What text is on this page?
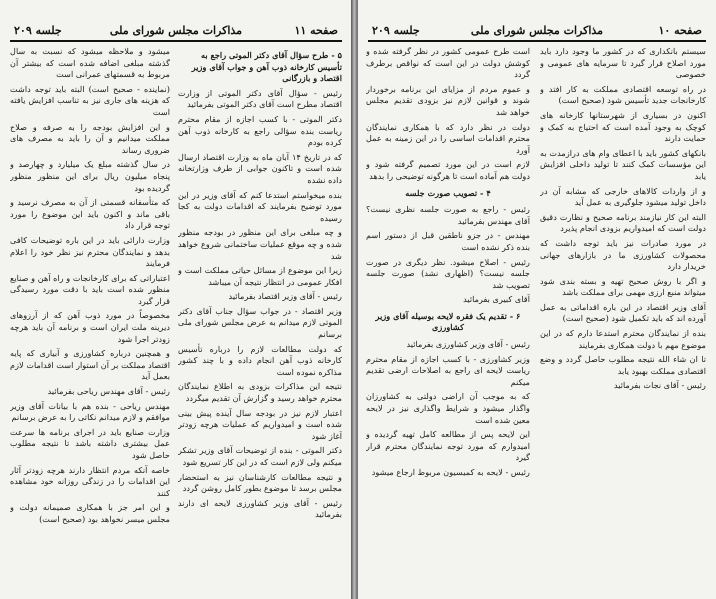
صفحه ۱۱
مذاکرات مجلس شورای ملی
جلسه ۲۰۹

میشود و ملاحظه میشود که نسبت به سال گذشته مبلغی اضافه شده است که بیشتر آن مربوط به قسمتهای عمرانی است

(نماینده - صحیح است) البته باید توجه داشت که هزینه های جاری نیز به تناسب افزایش یافته است

و این افزایش بودجه را به صرفه و صلاح مملکت میدانیم و آن را باید به مصرف های ضروری رساند

در سال گذشته مبلغ یک میلیارد و چهارصد و پنجاه میلیون ریال برای این منظور منظور گردیده بود

که متأسفانه قسمتی از آن به مصرف نرسید و باقی ماند و اکنون باید این موضوع را مورد توجه قرار داد

وزارت دارائی باید در این باره توضیحات کافی بدهد و نمایندگان محترم نیز نظر خود را اعلام فرمایند

اعتباراتی که برای کارخانجات و راه آهن و صنایع منظور شده است باید با دقت مورد رسیدگی قرار گیرد

مخصوصاً در مورد ذوب آهن که از آرزوهای دیرینه ملت ایران است و برنامه آن باید هرچه زودتر اجرا شود

و همچنین درباره کشاورزی و آبیاری که پایه اقتصاد مملکت بر آن استوار است اقدامات لازم بعمل آید

رئیس - آقای مهندس ریاحی بفرمائید

مهندس ریاحی - بنده هم با بیانات آقای وزیر موافقم و لازم میدانم نکاتی را به عرض برسانم

وزارت صنایع باید در اجرای برنامه ها سرعت عمل بیشتری داشته باشد تا نتیجه مطلوب حاصل شود

خاصه آنکه مردم انتظار دارند هرچه زودتر آثار این اقدامات را در زندگی روزانه خود مشاهده کنند

و این امر جز با همکاری صمیمانه دولت و مجلس میسر نخواهد بود (صحیح است)

۵ - طرح سؤال آقای دکتر الموتی راجع به تأسیس کارخانه ذوب آهن و جواب آقای وزیر اقتصاد و بازرگانی

رئیس - سؤال آقای دکتر الموتی از وزارت اقتصاد مطرح است آقای دکتر الموتی بفرمائید

دکتر الموتی - با کسب اجازه از مقام محترم ریاست بنده سؤالی راجع به کارخانه ذوب آهن کرده بودم

که در تاریخ ۱۴ آبان ماه به وزارت اقتصاد ارسال شده است و تاکنون جوابی از طرف وزارتخانه داده نشده

بنده میخواستم استدعا کنم که آقای وزیر در این مورد توضیح بفرمایند که اقدامات دولت به کجا رسیده

و چه مبلغی برای این منظور در بودجه منظور شده و چه موقع عملیات ساختمانی شروع خواهد شد

زیرا این موضوع از مسائل حیاتی مملکت است و افکار عمومی در انتظار نتیجه آن میباشد

رئیس - آقای وزیر اقتصاد بفرمائید

وزیر اقتصاد - در جواب سؤال جناب آقای دکتر الموتی لازم میدانم به عرض مجلس شورای ملی برسانم

که دولت مطالعات لازم را درباره تأسیس کارخانه ذوب آهن انجام داده و با چند کشور مذاکره نموده است

نتیجه این مذاکرات بزودی به اطلاع نمایندگان محترم خواهد رسید و گزارش آن تقدیم میگردد

اعتبار لازم نیز در بودجه سال آینده پیش بینی شده است و امیدواریم که عملیات هرچه زودتر آغاز شود

دکتر الموتی - بنده از توضیحات آقای وزیر تشکر میکنم ولی لازم است که در این کار تسریع شود

و نتیجه مطالعات کارشناسان نیز به استحضار مجلس برسد تا موضوع بطور کامل روشن گردد

رئیس - آقای وزیر کشاورزی لایحه ای دارند بفرمائید

صفحه ۱۰
مذاکرات مجلس شورای ملی
جلسه ۲۰۹

است طرح عمومی کشور در نظر گرفته شده و کوشش دولت در این است که نواقص برطرف گردد

و عموم مردم از مزایای این برنامه برخوردار شوند و قوانین لازم نیز بزودی تقدیم مجلس خواهد شد

دولت در نظر دارد که با همکاری نمایندگان محترم اقدامات اساسی را در این زمینه به عمل آورد

لازم است در این مورد تصمیم گرفته شود و دولت هم آماده است تا هرگونه توضیحی را بدهد

۴ - تصویب صورت جلسه

رئیس - راجع به صورت جلسه نظری نیست؟ آقای مهندس بفرمائید

مهندس - در جزو ناطقین قبل از دستور اسم بنده ذکر نشده است

رئیس - اصلاح میشود. نظر دیگری در صورت جلسه نیست؟ (اظهاری نشد) صورت جلسه تصویب شد

آقای کبیری بفرمائید

۶ - تقدیم یک فقره لایحه بوسیله آقای وزیر کشاورزی

رئیس - آقای وزیر کشاورزی بفرمائید

وزیر کشاورزی - با کسب اجازه از مقام محترم ریاست لایحه ای راجع به اصلاحات ارضی تقدیم میکنم

که به موجب آن اراضی دولتی به کشاورزان واگذار میشود و شرایط واگذاری نیز در لایحه معین شده است

این لایحه پس از مطالعه کامل تهیه گردیده و امیدوارم که مورد توجه نمایندگان محترم قرار گیرد

رئیس - لایحه به کمیسیون مربوط ارجاع میشود

سیستم بانکداری که در کشور ما وجود دارد باید مورد اصلاح قرار گیرد تا سرمایه های عمومی و خصوصی

در راه توسعه اقتصادی مملکت به کار افتد و کارخانجات جدید تأسیس شود (صحیح است)

اکنون در بسیاری از شهرستانها کارخانه های کوچک به وجود آمده است که احتیاج به کمک و حمایت دارند

بانکهای کشور باید با اعطای وام های درازمدت به این مؤسسات کمک کنند تا تولید داخلی افزایش یابد

و از واردات کالاهای خارجی که مشابه آن در داخل تولید میشود جلوگیری به عمل آید

البته این کار نیازمند برنامه صحیح و نظارت دقیق دولت است که امیدواریم بزودی انجام پذیرد

در مورد صادرات نیز باید توجه داشت که محصولات کشاورزی ما در بازارهای جهانی خریدار دارد

و اگر با روش صحیح تهیه و بسته بندی شود میتواند منبع ارزی مهمی برای مملکت باشد

آقای وزیر اقتصاد در این باره اقداماتی به عمل آورده اند که باید تکمیل شود (صحیح است)

بنده از نمایندگان محترم استدعا دارم که در این موضوع مهم با دولت همکاری بفرمایند

تا ان شاء الله نتیجه مطلوب حاصل گردد و وضع اقتصادی مملکت بهبود یابد

رئیس - آقای نجات بفرمائید
